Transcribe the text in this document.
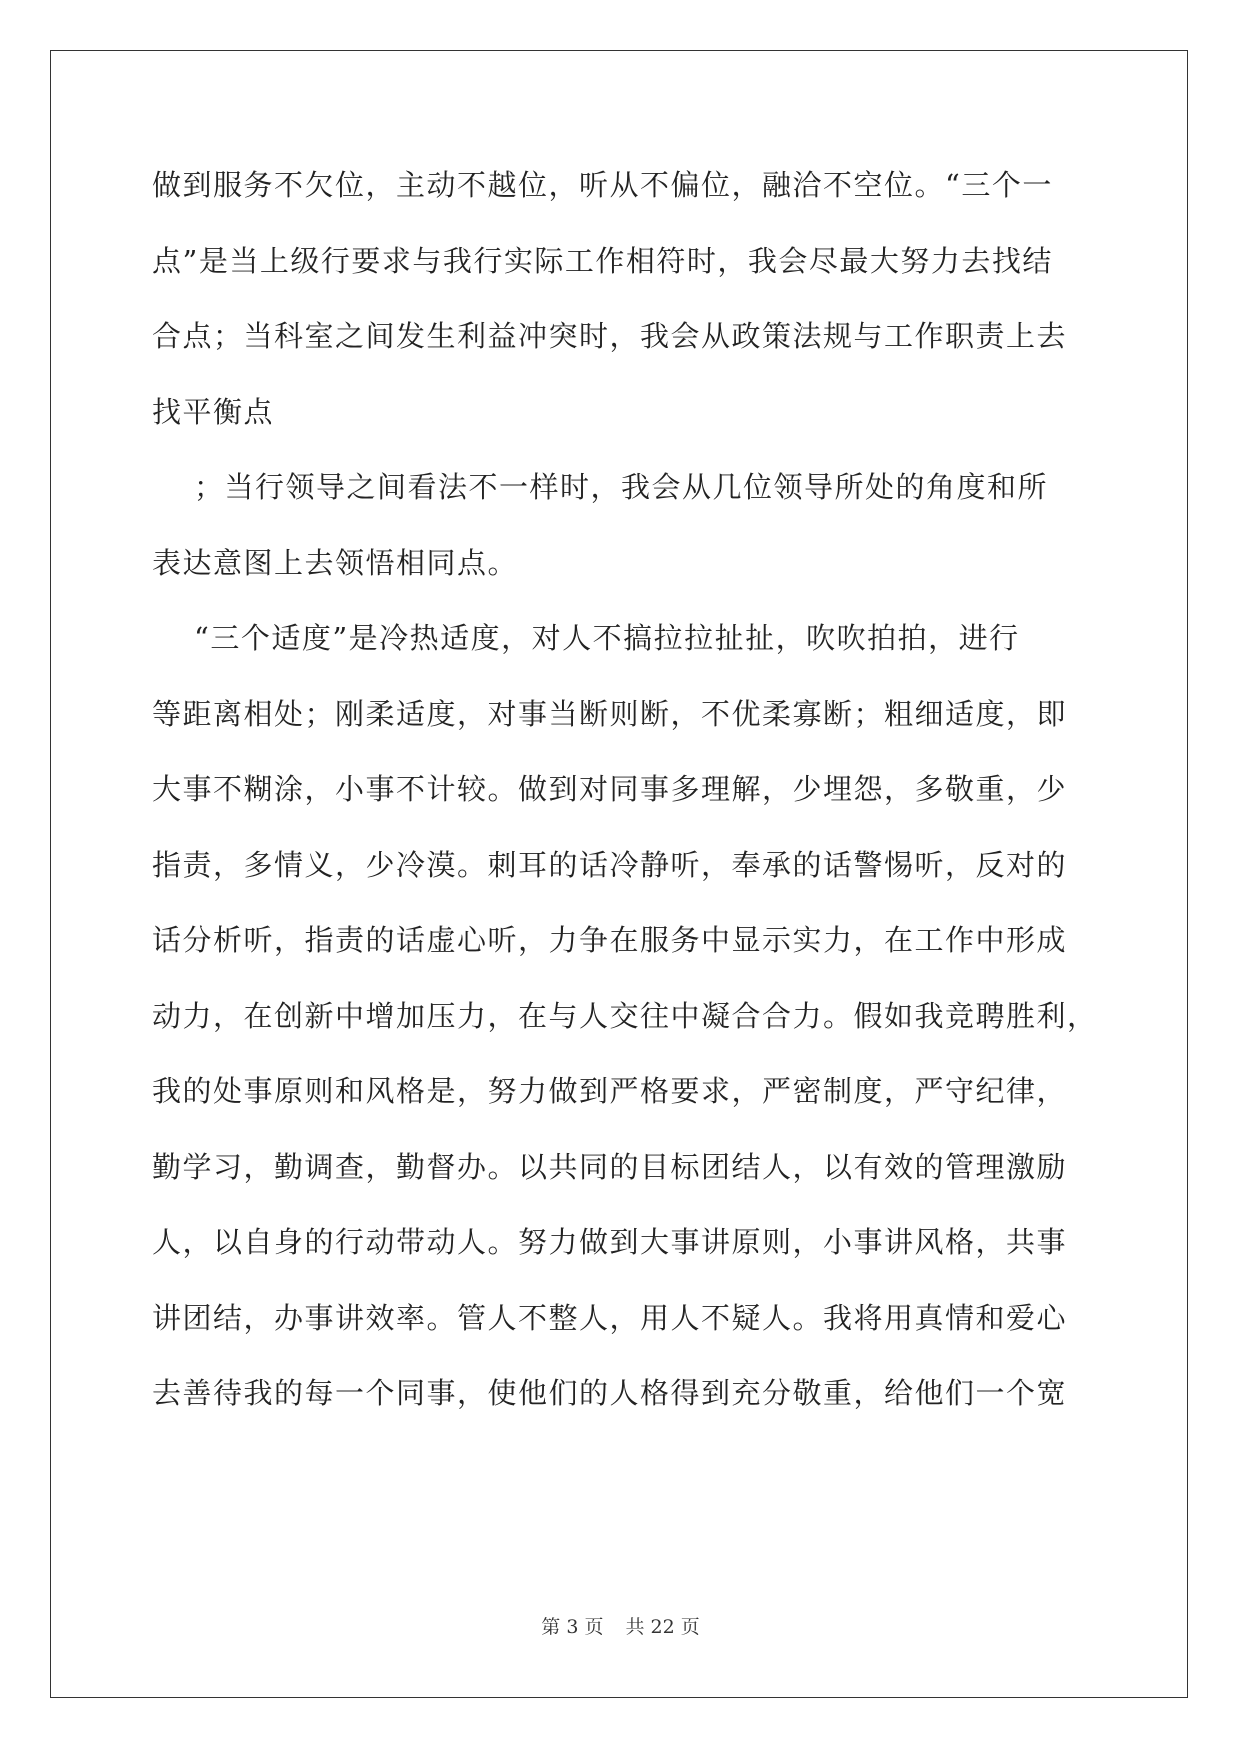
做到服务不欠位，主动不越位，听从不偏位，融洽不空位。“三个一
点”是当上级行要求与我行实际工作相符时，我会尽最大努力去找结
合点；当科室之间发生利益冲突时，我会从政策法规与工作职责上去
找平衡点
；当行领导之间看法不一样时，我会从几位领导所处的角度和所
表达意图上去领悟相同点。
“三个适度”是冷热适度，对人不搞拉拉扯扯，吹吹拍拍，进行
等距离相处；刚柔适度，对事当断则断，不优柔寡断；粗细适度，即
大事不糊涂，小事不计较。做到对同事多理解，少埋怨，多敬重，少
指责，多情义，少冷漠。刺耳的话冷静听，奉承的话警惕听，反对的
话分析听，指责的话虚心听，力争在服务中显示实力，在工作中形成
动力，在创新中增加压力，在与人交往中凝合合力。假如我竞聘胜利，
我的处事原则和风格是，努力做到严格要求，严密制度，严守纪律，
勤学习，勤调查，勤督办。以共同的目标团结人，以有效的管理激励
人，以自身的行动带动人。努力做到大事讲原则，小事讲风格，共事
讲团结，办事讲效率。管人不整人，用人不疑人。我将用真情和爱心
去善待我的每一个同事，使他们的人格得到充分敬重，给他们一个宽
第 3 页 共 22 页
